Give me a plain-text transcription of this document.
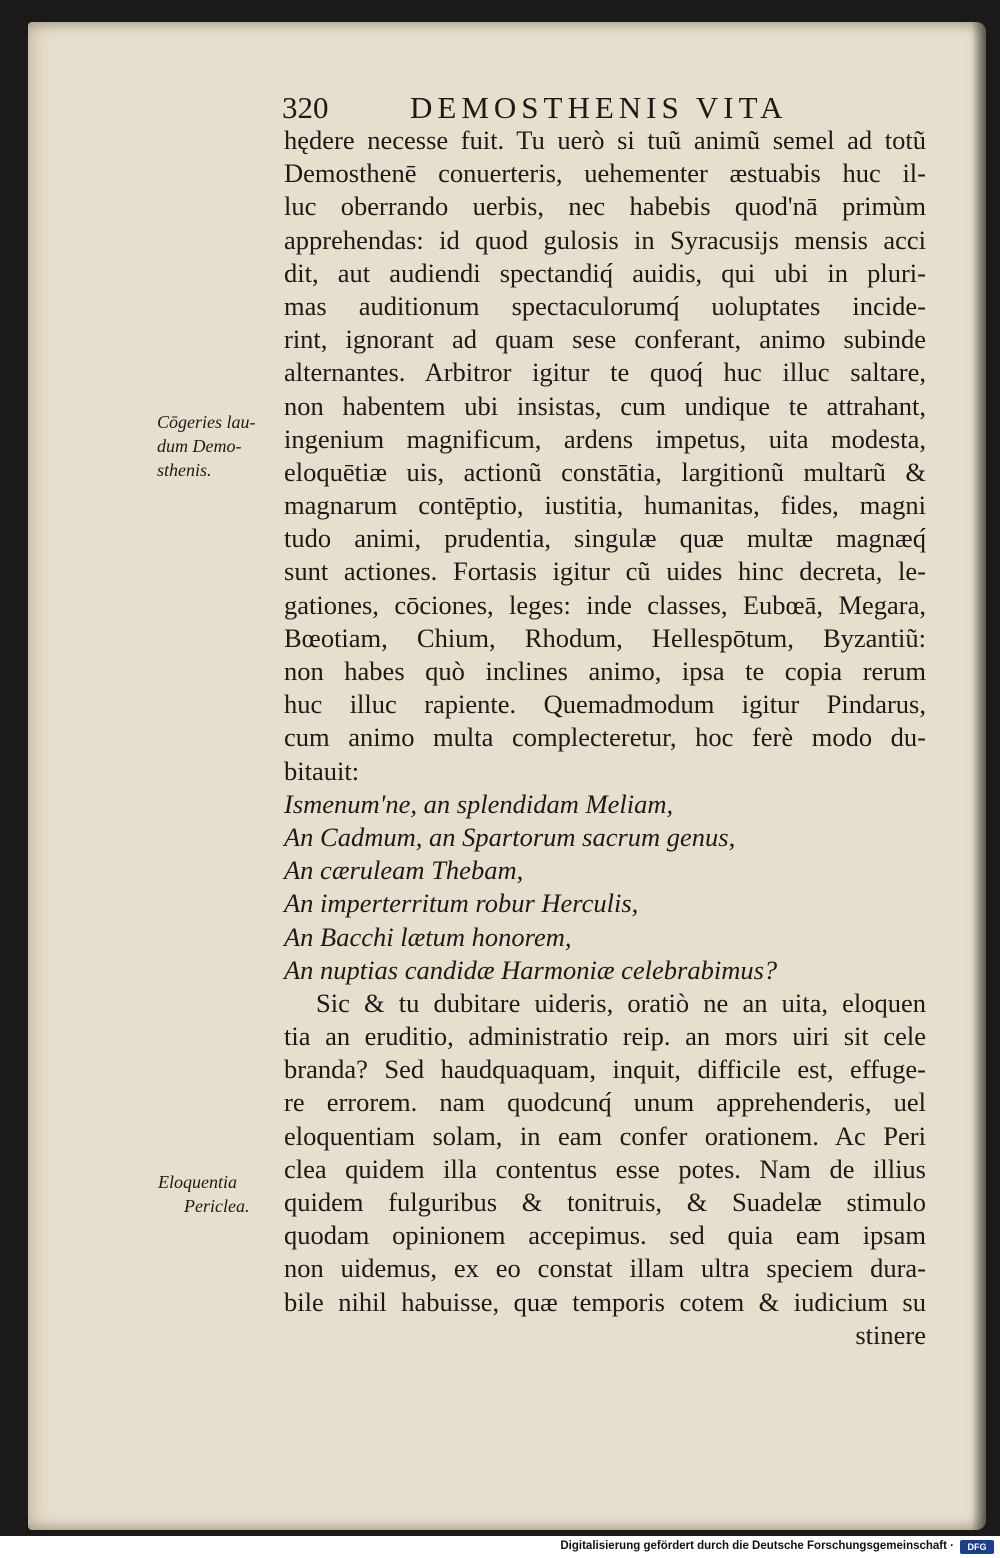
320	DEMOSTHENIS VITA
Cōgeries lau-
dum Demo-
sthenis.
Eloquentia
Periclea.
hędere necesse fuit. Tu uerò si tuũ animũ semel ad totũ
Demosthenē conuerteris, uehementer æstuabis huc il-
luc oberrando uerbis, nec habebis quod'nā primùm
apprehendas: id quod gulosis in Syracusijs mensis acci
dit, aut audiendi spectandiq́ auidis, qui ubi in pluri-
mas auditionum spectaculorumq́ uoluptates incide-
rint, ignorant ad quam sese conferant, animo subinde
alternantes. Arbitror igitur te quoq́ huc illuc saltare,
non habentem ubi insistas, cum undique te attrahant,
ingenium magnificum, ardens impetus, uita modesta,
eloquētiæ uis, actionũ constātia, largitionũ multarũ &
magnarum contēptio, iustitia, humanitas, fides, magni
tudo animi, prudentia, singulæ quæ multæ magnæq́
sunt actiones. Fortasis igitur cũ uides hinc decreta, le-
gationes, cōciones, leges: inde classes, Eubœā, Megara,
Bœotiam, Chium, Rhodum, Hellespōtum, Byzantiũ:
non habes quò inclines animo, ipsa te copia rerum
huc illuc rapiente. Quemadmodum igitur Pindarus,
cum animo multa complecteretur, hoc ferè modo du-
bitauit:
Ismenum'ne, an splendidam Meliam,
An Cadmum, an Spartorum sacrum genus,
An cæruleam Thebam,
An imperterritum robur Herculis,
An Bacchi lætum honorem,
An nuptias candidæ Harmoniæ celebrabimus?
Sic & tu dubitare uideris, oratiò ne an uita, eloquen
tia an eruditio, administratio reip. an mors uiri sit cele
branda? Sed haudquaquam, inquit, difficile est, effuge-
re errorem. nam quodcunq́ unum apprehenderis, uel
eloquentiam solam, in eam confer orationem. Ac Peri
clea quidem illa contentus esse potes. Nam de illius
quidem fulguribus & tonitruis, & Suadelæ stimulo
quodam opinionem accepimus. sed quia eam ipsam
non uidemus, ex eo constat illam ultra speciem dura-
bile nihil habuisse, quæ temporis cotem & iudicium su
stinere
Digitalisierung gefördert durch die Deutsche Forschungsgemeinschaft ·	DFG
